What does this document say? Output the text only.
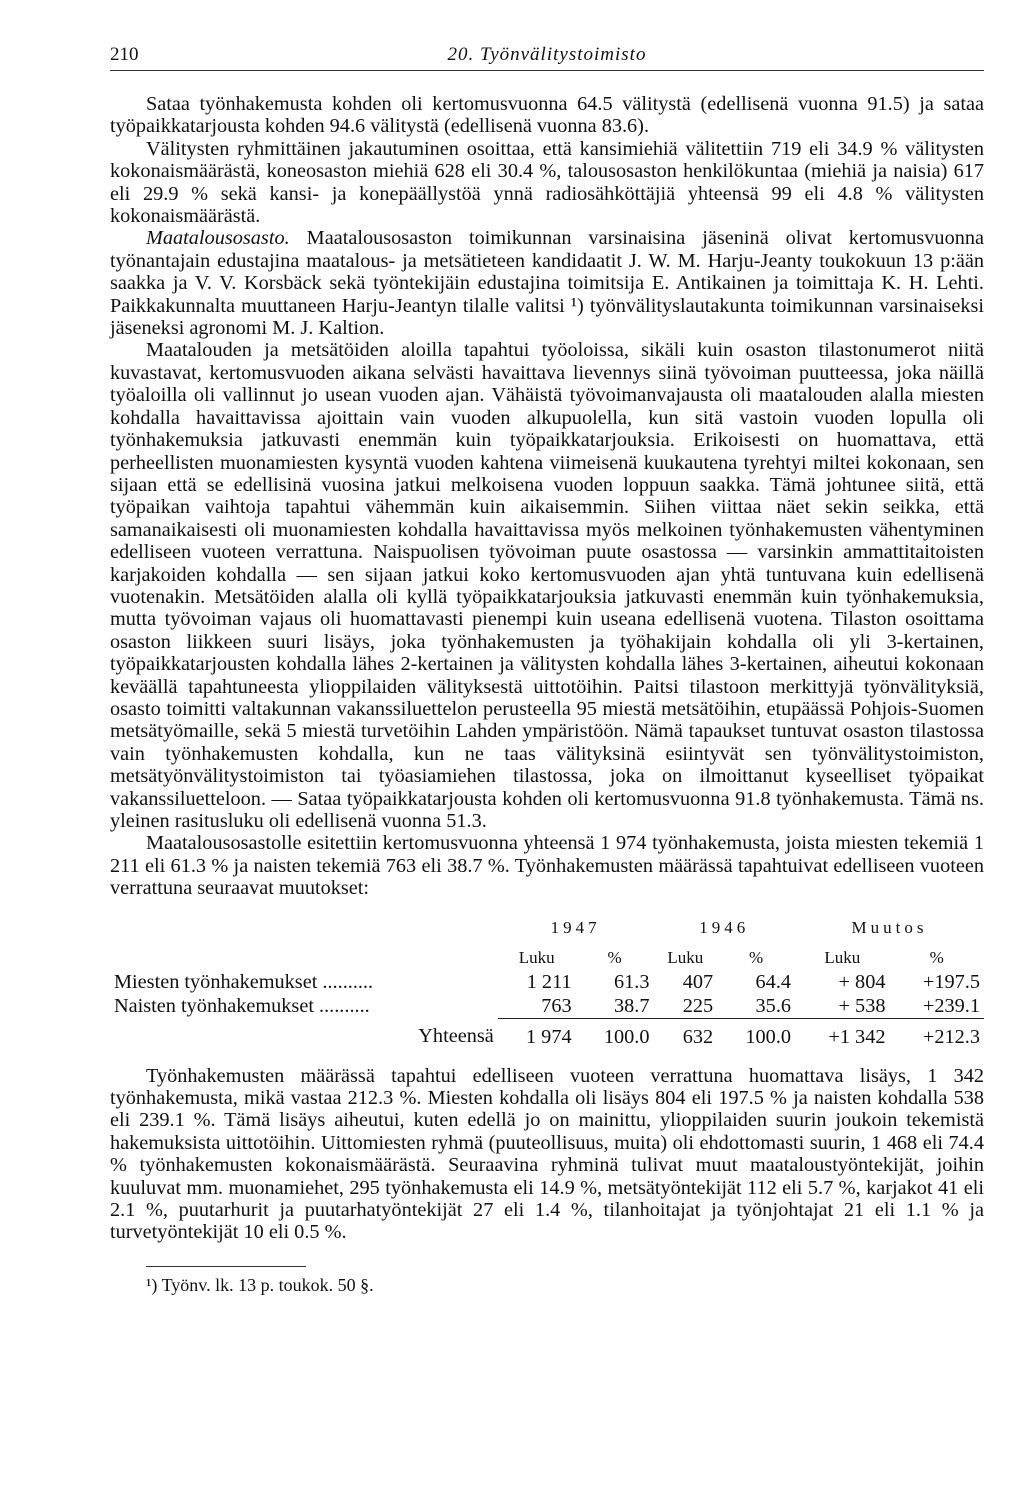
210	20. Työnvälitystoimisto

Sataa työnhakemusta kohden oli kertomusvuonna 64.5 välitystä (edellisenä vuonna 91.5) ja sataa työpaikkatarjousta kohden 94.6 välitystä (edellisenä vuonna 83.6).

Välitysten ryhmittäinen jakautuminen osoittaa, että kansimiehiä välitettiin 719 eli 34.9 % välitysten kokonaismäärästä, koneosaston miehiä 628 eli 30.4 %, talousosaston henkilökuntaa (miehiä ja naisia) 617 eli 29.9 % sekä kansi- ja konepäällystöä ynnä radiosähköttäjiä yhteensä 99 eli 4.8 % välitysten kokonaismäärästä.

Maatalousosasto. Maatalousosaston toimikunnan varsinaisina jäseninä olivat kertomusvuonna työnantajain edustajina maatalous- ja metsätieteen kandidaatit J. W. M. Harju-Jeanty toukokuun 13 p:ään saakka ja V. V. Korsbäck sekä työntekijäin edustajina toimitsija E. Antikainen ja toimittaja K. H. Lehti. Paikkakunnalta muuttaneen Harju-Jeantyn tilalle valitsi ¹) työnvälityslautakunta toimikunnan varsinaiseksi jäseneksi agronomi M. J. Kaltion.

Maatalouden ja metsätöiden aloilla tapahtui työoloissa, sikäli kuin osaston tilastonumerot niitä kuvastavat, kertomusvuoden aikana selvästi havaittava lievennys siinä työvoiman puutteessa, joka näillä työaloilla oli vallinnut jo usean vuoden ajan. Vähäistä työvoimanvajausta oli maatalouden alalla miesten kohdalla havaittavissa ajoittain vain vuoden alkupuolella, kun sitä vastoin vuoden lopulla oli työnhakemuksia jatkuvasti enemmän kuin työpaikkatarjouksia. Erikoisesti on huomattava, että perheellisten muonamiesten kysyntä vuoden kahtena viimeisenä kuukautena tyrehtyi miltei kokonaan, sen sijaan että se edellisinä vuosina jatkui melkoisena vuoden loppuun saakka. Tämä johtunee siitä, että työpaikan vaihtoja tapahtui vähemmän kuin aikaisemmin. Siihen viittaa näet sekin seikka, että samanaikaisesti oli muonamiesten kohdalla havaittavissa myös melkoinen työnhakemusten vähentyminen edelliseen vuoteen verrattuna. Naispuolisen työvoiman puute osastossa — varsinkin ammattitaitoisten karjakoiden kohdalla — sen sijaan jatkui koko kertomusvuoden ajan yhtä tuntuvana kuin edellisenä vuotenakin. Metsätöiden alalla oli kyllä työpaikkatarjouksia jatkuvasti enemmän kuin työnhakemuksia, mutta työvoiman vajaus oli huomattavasti pienempi kuin useana edellisenä vuotena. Tilaston osoittama osaston liikkeen suuri lisäys, joka työnhakemusten ja työhakijain kohdalla oli yli 3-kertainen, työpaikkatarjousten kohdalla lähes 2-kertainen ja välitysten kohdalla lähes 3-kertainen, aiheutui kokonaan keväällä tapahtuneesta ylioppilaiden välityksestä uittotöihin. Paitsi tilastoon merkittyjä työnvälityksiä, osasto toimitti valtakunnan vakanssiluettelon perusteella 95 miestä metsätöihin, etupäässä Pohjois-Suomen metsätyömaille, sekä 5 miestä turvetöihin Lahden ympäristöön. Nämä tapaukset tuntuvat osaston tilastossa vain työnhakemusten kohdalla, kun ne taas välityksinä esiintyvät sen työnvälitystoimiston, metsätyönvälitystoimiston tai työasiamiehen tilastossa, joka on ilmoittanut kyseelliset työpaikat vakanssiluetteloon. — Sataa työpaikkatarjousta kohden oli kertomusvuonna 91.8 työnhakemusta. Tämä ns. yleinen rasitusluku oli edellisenä vuonna 51.3.

Maatalousosastolle esitettiin kertomusvuonna yhteensä 1 974 työnhakemusta, joista miesten tekemiä 1 211 eli 61.3 % ja naisten tekemiä 763 eli 38.7 %. Työnhakemusten määrässä tapahtuivat edelliseen vuoteen verrattuna seuraavat muutokset:

	1947		1946		Muutos	
	Luku	%	Luku	%	Luku	%
Miesten työnhakemukset ..........	1 211	61.3	407	64.4	+ 804	+197.5
Naisten työnhakemukset ..........	763	38.7	225	35.6	+ 538	+239.1
Yhteensä	1 974	100.0	632	100.0	+1 342	+212.3

Työnhakemusten määrässä tapahtui edelliseen vuoteen verrattuna huomattava lisäys, 1 342 työnhakemusta, mikä vastaa 212.3 %. Miesten kohdalla oli lisäys 804 eli 197.5 % ja naisten kohdalla 538 eli 239.1 %. Tämä lisäys aiheutui, kuten edellä jo on mainittu, ylioppilaiden suurin joukoin tekemistä hakemuksista uittotöihin. Uittomiesten ryhmä (puuteollisuus, muita) oli ehdottomasti suurin, 1 468 eli 74.4 % työnhakemusten kokonaismäärästä. Seuraavina ryhminä tulivat muut maataloustyöntekijät, joihin kuuluvat mm. muonamiehet, 295 työnhakemusta eli 14.9 %, metsätyöntekijät 112 eli 5.7 %, karjakot 41 eli 2.1 %, puutarhurit ja puutarhatyöntekijät 27 eli 1.4 %, tilanhoitajat ja työnjohtajat 21 eli 1.1 % ja turvetyöntekijät 10 eli 0.5 %.

¹) Työnv. lk. 13 p. toukok. 50 §.
